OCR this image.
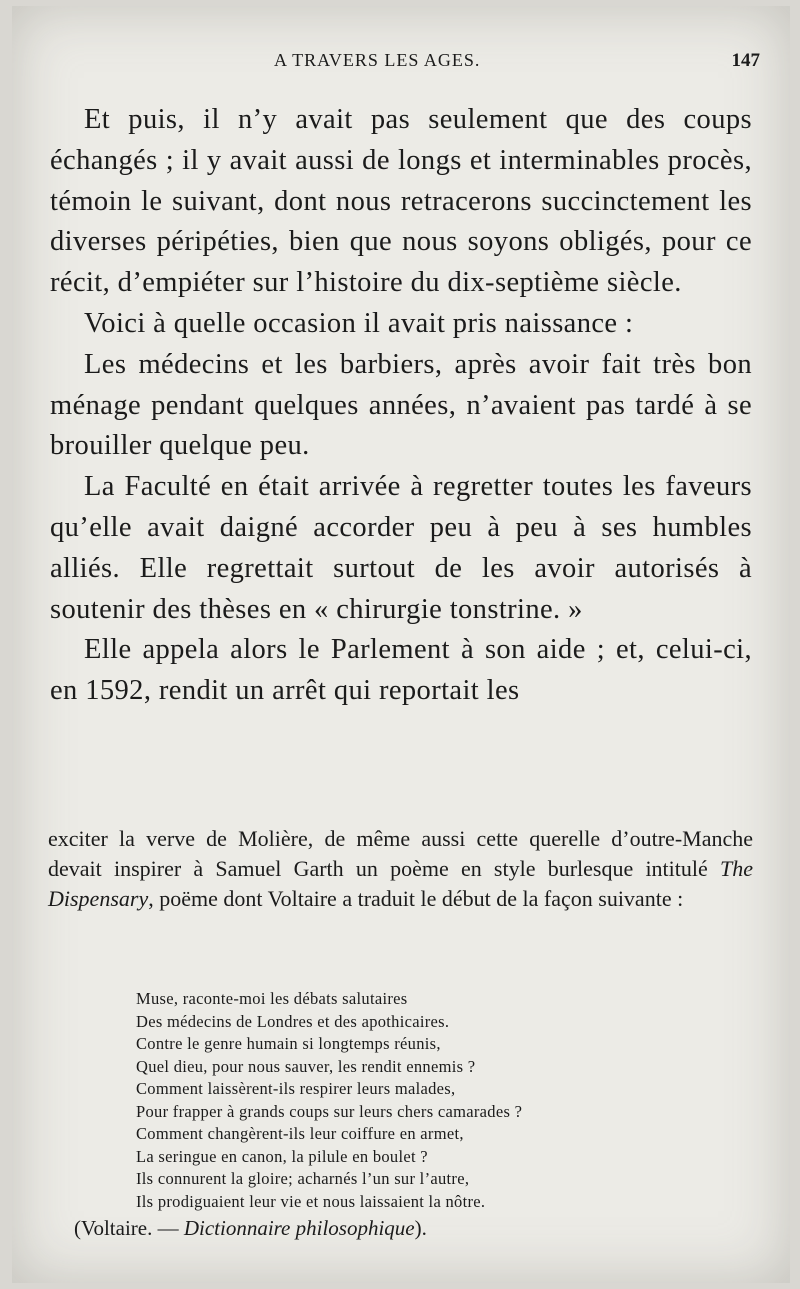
A TRAVERS LES AGES.	147

Et puis, il n’y avait pas seulement que des coups échangés ; il y avait aussi de longs et interminables procès, témoin le suivant, dont nous retracerons succinctement les diverses péripéties, bien que nous soyons obligés, pour ce récit, d’empiéter sur l’histoire du dix-septième siècle.

Voici à quelle occasion il avait pris naissance :

Les médecins et les barbiers, après avoir fait très bon ménage pendant quelques années, n’avaient pas tardé à se brouiller quelque peu.

La Faculté en était arrivée à regretter toutes les faveurs qu’elle avait daigné accorder peu à peu à ses humbles alliés. Elle regrettait surtout de les avoir autorisés à soutenir des thèses en « chirurgie tonstrine. »

Elle appela alors le Parlement à son aide ; et, celui-ci, en 1592, rendit un arrêt qui reportait les

exciter la verve de Molière, de même aussi cette querelle d’outre-Manche devait inspirer à Samuel Garth un poème en style burlesque intitulé The Dispensary, poëme dont Voltaire a traduit le début de la façon suivante :

Muse, raconte-moi les débats salutaires
Des médecins de Londres et des apothicaires.
Contre le genre humain si longtemps réunis,
Quel dieu, pour nous sauver, les rendit ennemis ?
Comment laissèrent-ils respirer leurs malades,
Pour frapper à grands coups sur leurs chers camarades ?
Comment changèrent-ils leur coiffure en armet,
La seringue en canon, la pilule en boulet ?
Ils connurent la gloire; acharnés l’un sur l’autre,
Ils prodiguaient leur vie et nous laissaient la nôtre.
(Voltaire. — Dictionnaire philosophique).
